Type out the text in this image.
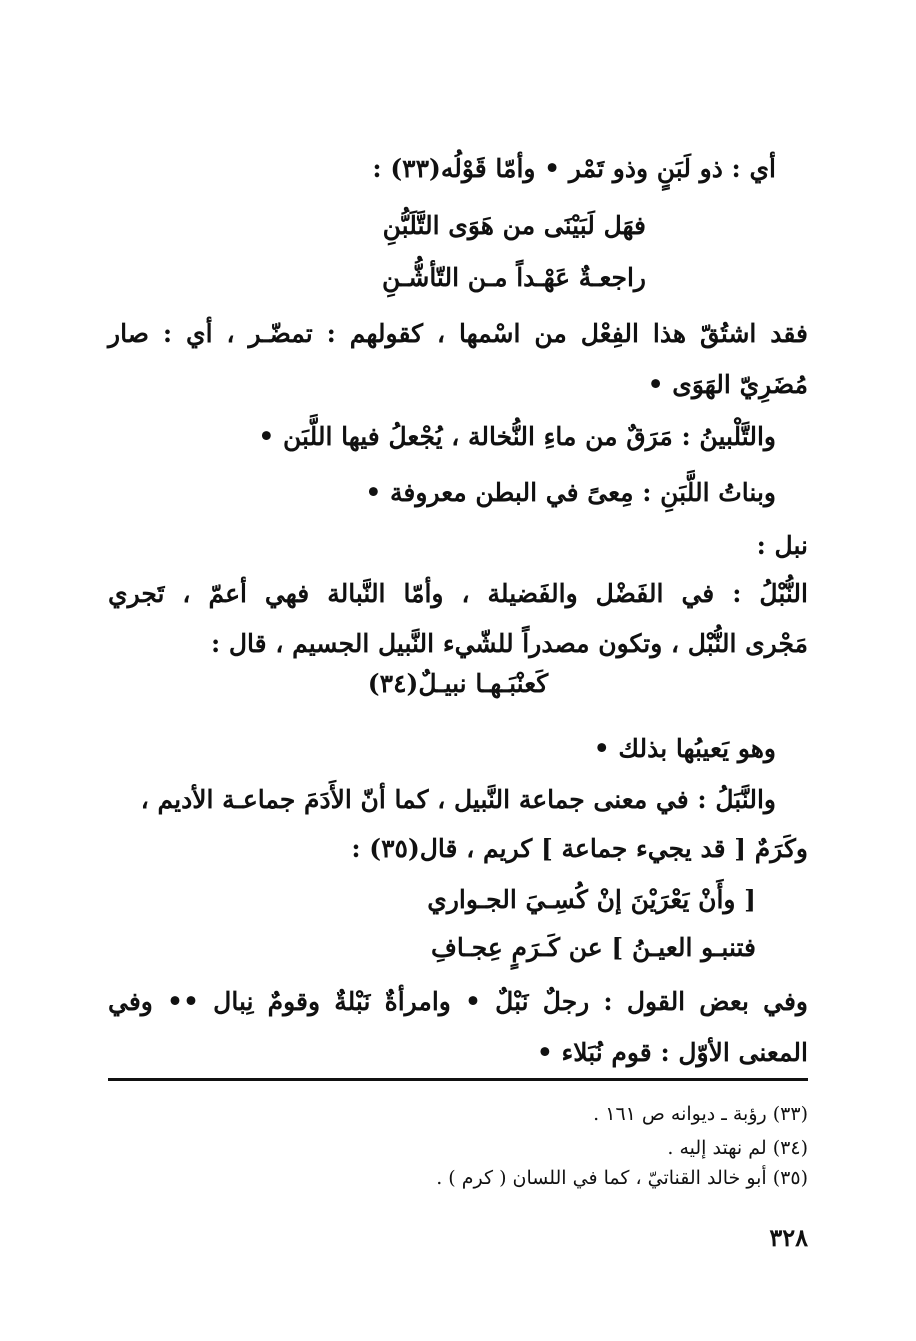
أي : ذو لَبَنٍ وذو تَمْر • وأمّا قَوْلُه(٣٣) :
فهَل لَبَيْنَى من هَوَى التَّلَبُّنِ
راجعـةٌ عَهْـداً مـن التّأشُّـنِ
فقد اشتُقّ هذا الفِعْل من اسْمها ، كقولهم : تمضّـر ، أي : صار
مُضَرِيّ الهَوَى •
والتَّلْبينُ : مَرَقٌ من ماءِ النُّخالة ، يُجْعلُ فيها اللَّبَن •
وبناتُ اللَّبَنِ : مِعىً في البطن معروفة •
نبل :
النُّبْلُ : في الفَضْل والفَضيلة ، وأمّا النَّبالة فهي أعمّ ، تَجري
مَجْرى النُّبْل ، وتكون مصدراً للشّيء النَّبيل الجسيم ، قال :
كَعنْبَـهـا نبيـلٌ(٣٤)
وهو يَعيبُها بذلك •
والنَّبَلُ : في معنى جماعة النَّبيل ، كما أنّ الأَدَمَ جماعـة الأديم ،
وكَرَمٌ [ قد يجيء جماعة ] كريم ، قال(٣٥) :
[ وأَنْ يَعْرَيْنَ إنْ كُسِـيَ الجـواري
فتنبـو العيـنُ ] عن كَـرَمٍ عِجـافِ
وفي بعض القول : رجلٌ نَبْلٌ • وامرأةٌ نَبْلةٌ وقومٌ نِبال •• وفي
المعنى الأوّل : قوم نُبَلاء •
(٣٣) رؤبة ـ ديوانه ص ١٦١ .
(٣٤) لم نهتد إليه .
(٣٥) أبو خالد القناتيّ ، كما في اللسان ( كرم ) .
٣٢٨
